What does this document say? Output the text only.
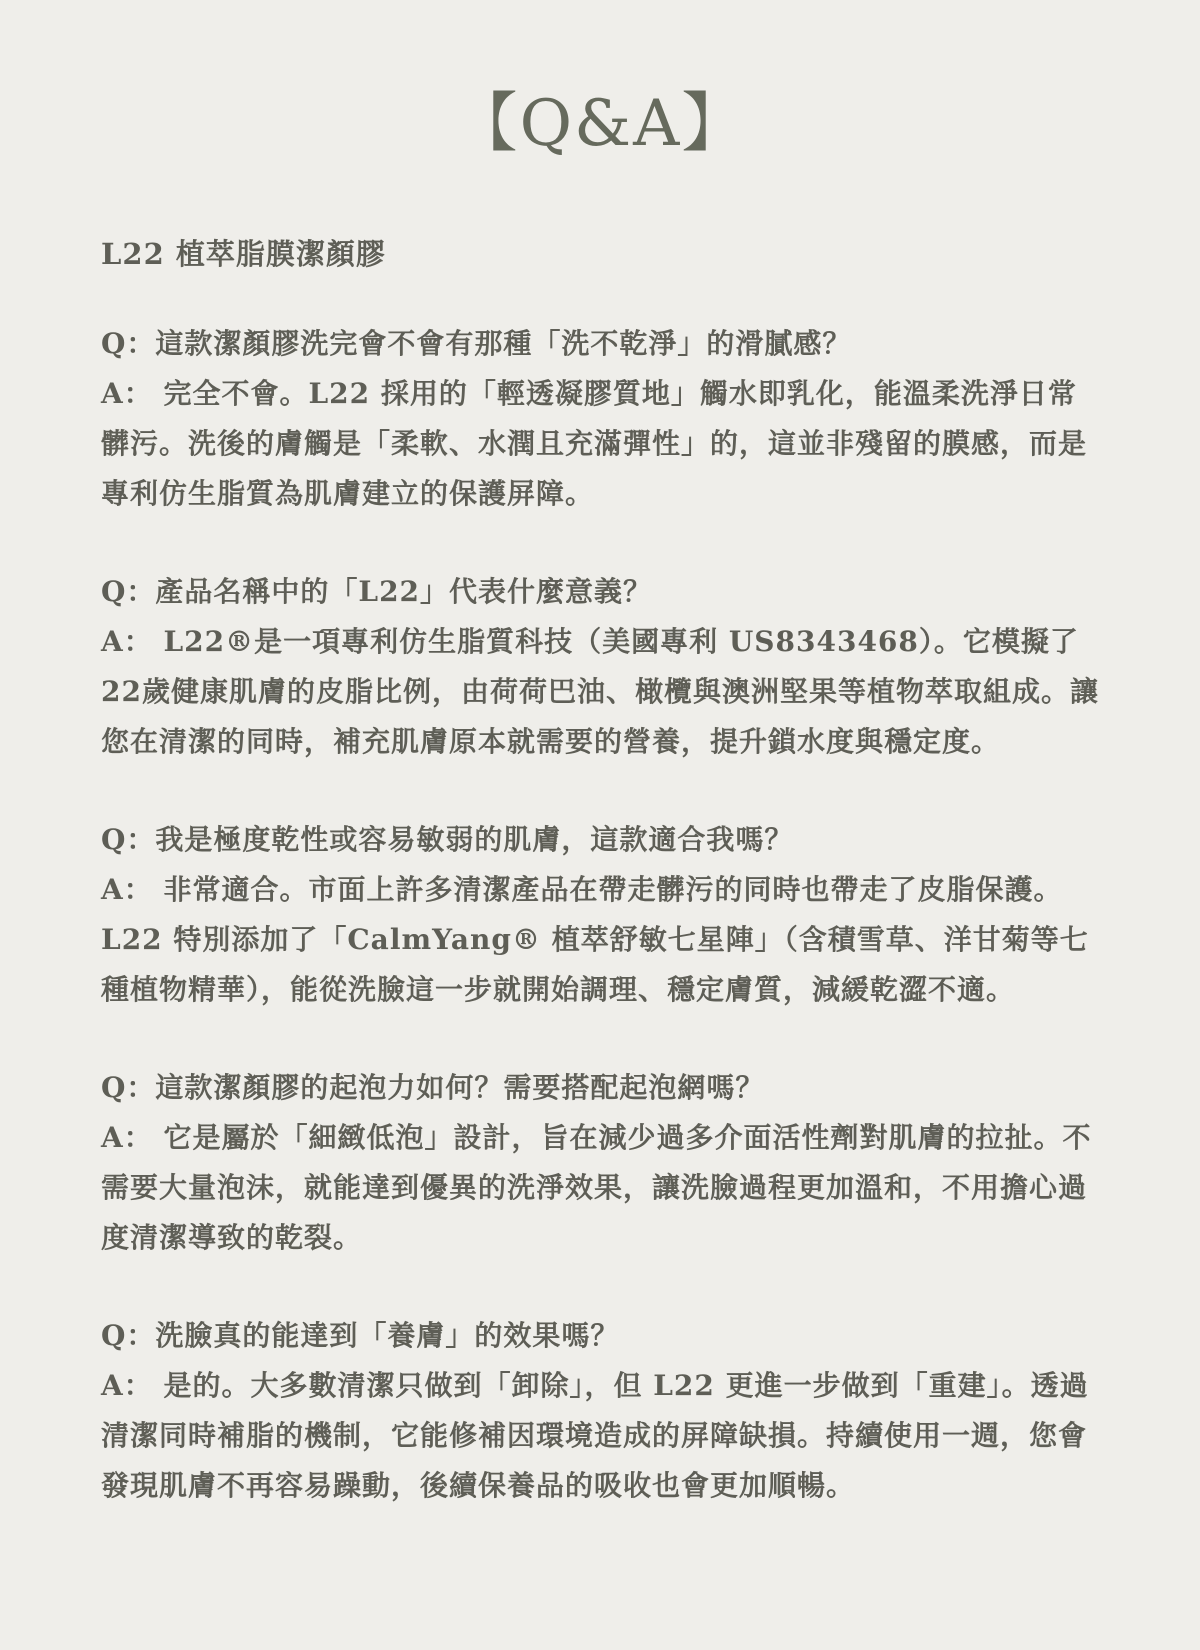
【Q&A】
L22 植萃脂膜潔顏膠

Q：這款潔顏膠洗完會不會有那種「洗不乾淨」的滑膩感？

A： 完全不會。L22 採用的「輕透凝膠質地」觸水即乳化，能溫柔洗淨日常髒污。洗後的膚觸是「柔軟、水潤且充滿彈性」的，這並非殘留的膜感，而是專利仿生脂質為肌膚建立的保護屏障。

Q：產品名稱中的「L22」代表什麼意義？

A： L22®是一項專利仿生脂質科技（美國專利 US8343468）。它模擬了22歲健康肌膚的皮脂比例，由荷荷巴油、橄欖與澳洲堅果等植物萃取組成。讓您在清潔的同時，補充肌膚原本就需要的營養，提升鎖水度與穩定度。

Q：我是極度乾性或容易敏弱的肌膚，這款適合我嗎？

A： 非常適合。市面上許多清潔產品在帶走髒污的同時也帶走了皮脂保護。L22 特別添加了「CalmYang® 植萃舒敏七星陣」（含積雪草、洋甘菊等七種植物精華），能從洗臉這一步就開始調理、穩定膚質，減緩乾澀不適。

Q：這款潔顏膠的起泡力如何？需要搭配起泡網嗎？

A： 它是屬於「細緻低泡」設計，旨在減少過多介面活性劑對肌膚的拉扯。不需要大量泡沫，就能達到優異的洗淨效果，讓洗臉過程更加溫和，不用擔心過度清潔導致的乾裂。

Q：洗臉真的能達到「養膚」的效果嗎？

A： 是的。大多數清潔只做到「卸除」，但 L22 更進一步做到「重建」。透過清潔同時補脂的機制，它能修補因環境造成的屏障缺損。持續使用一週，您會發現肌膚不再容易躁動，後續保養品的吸收也會更加順暢。
